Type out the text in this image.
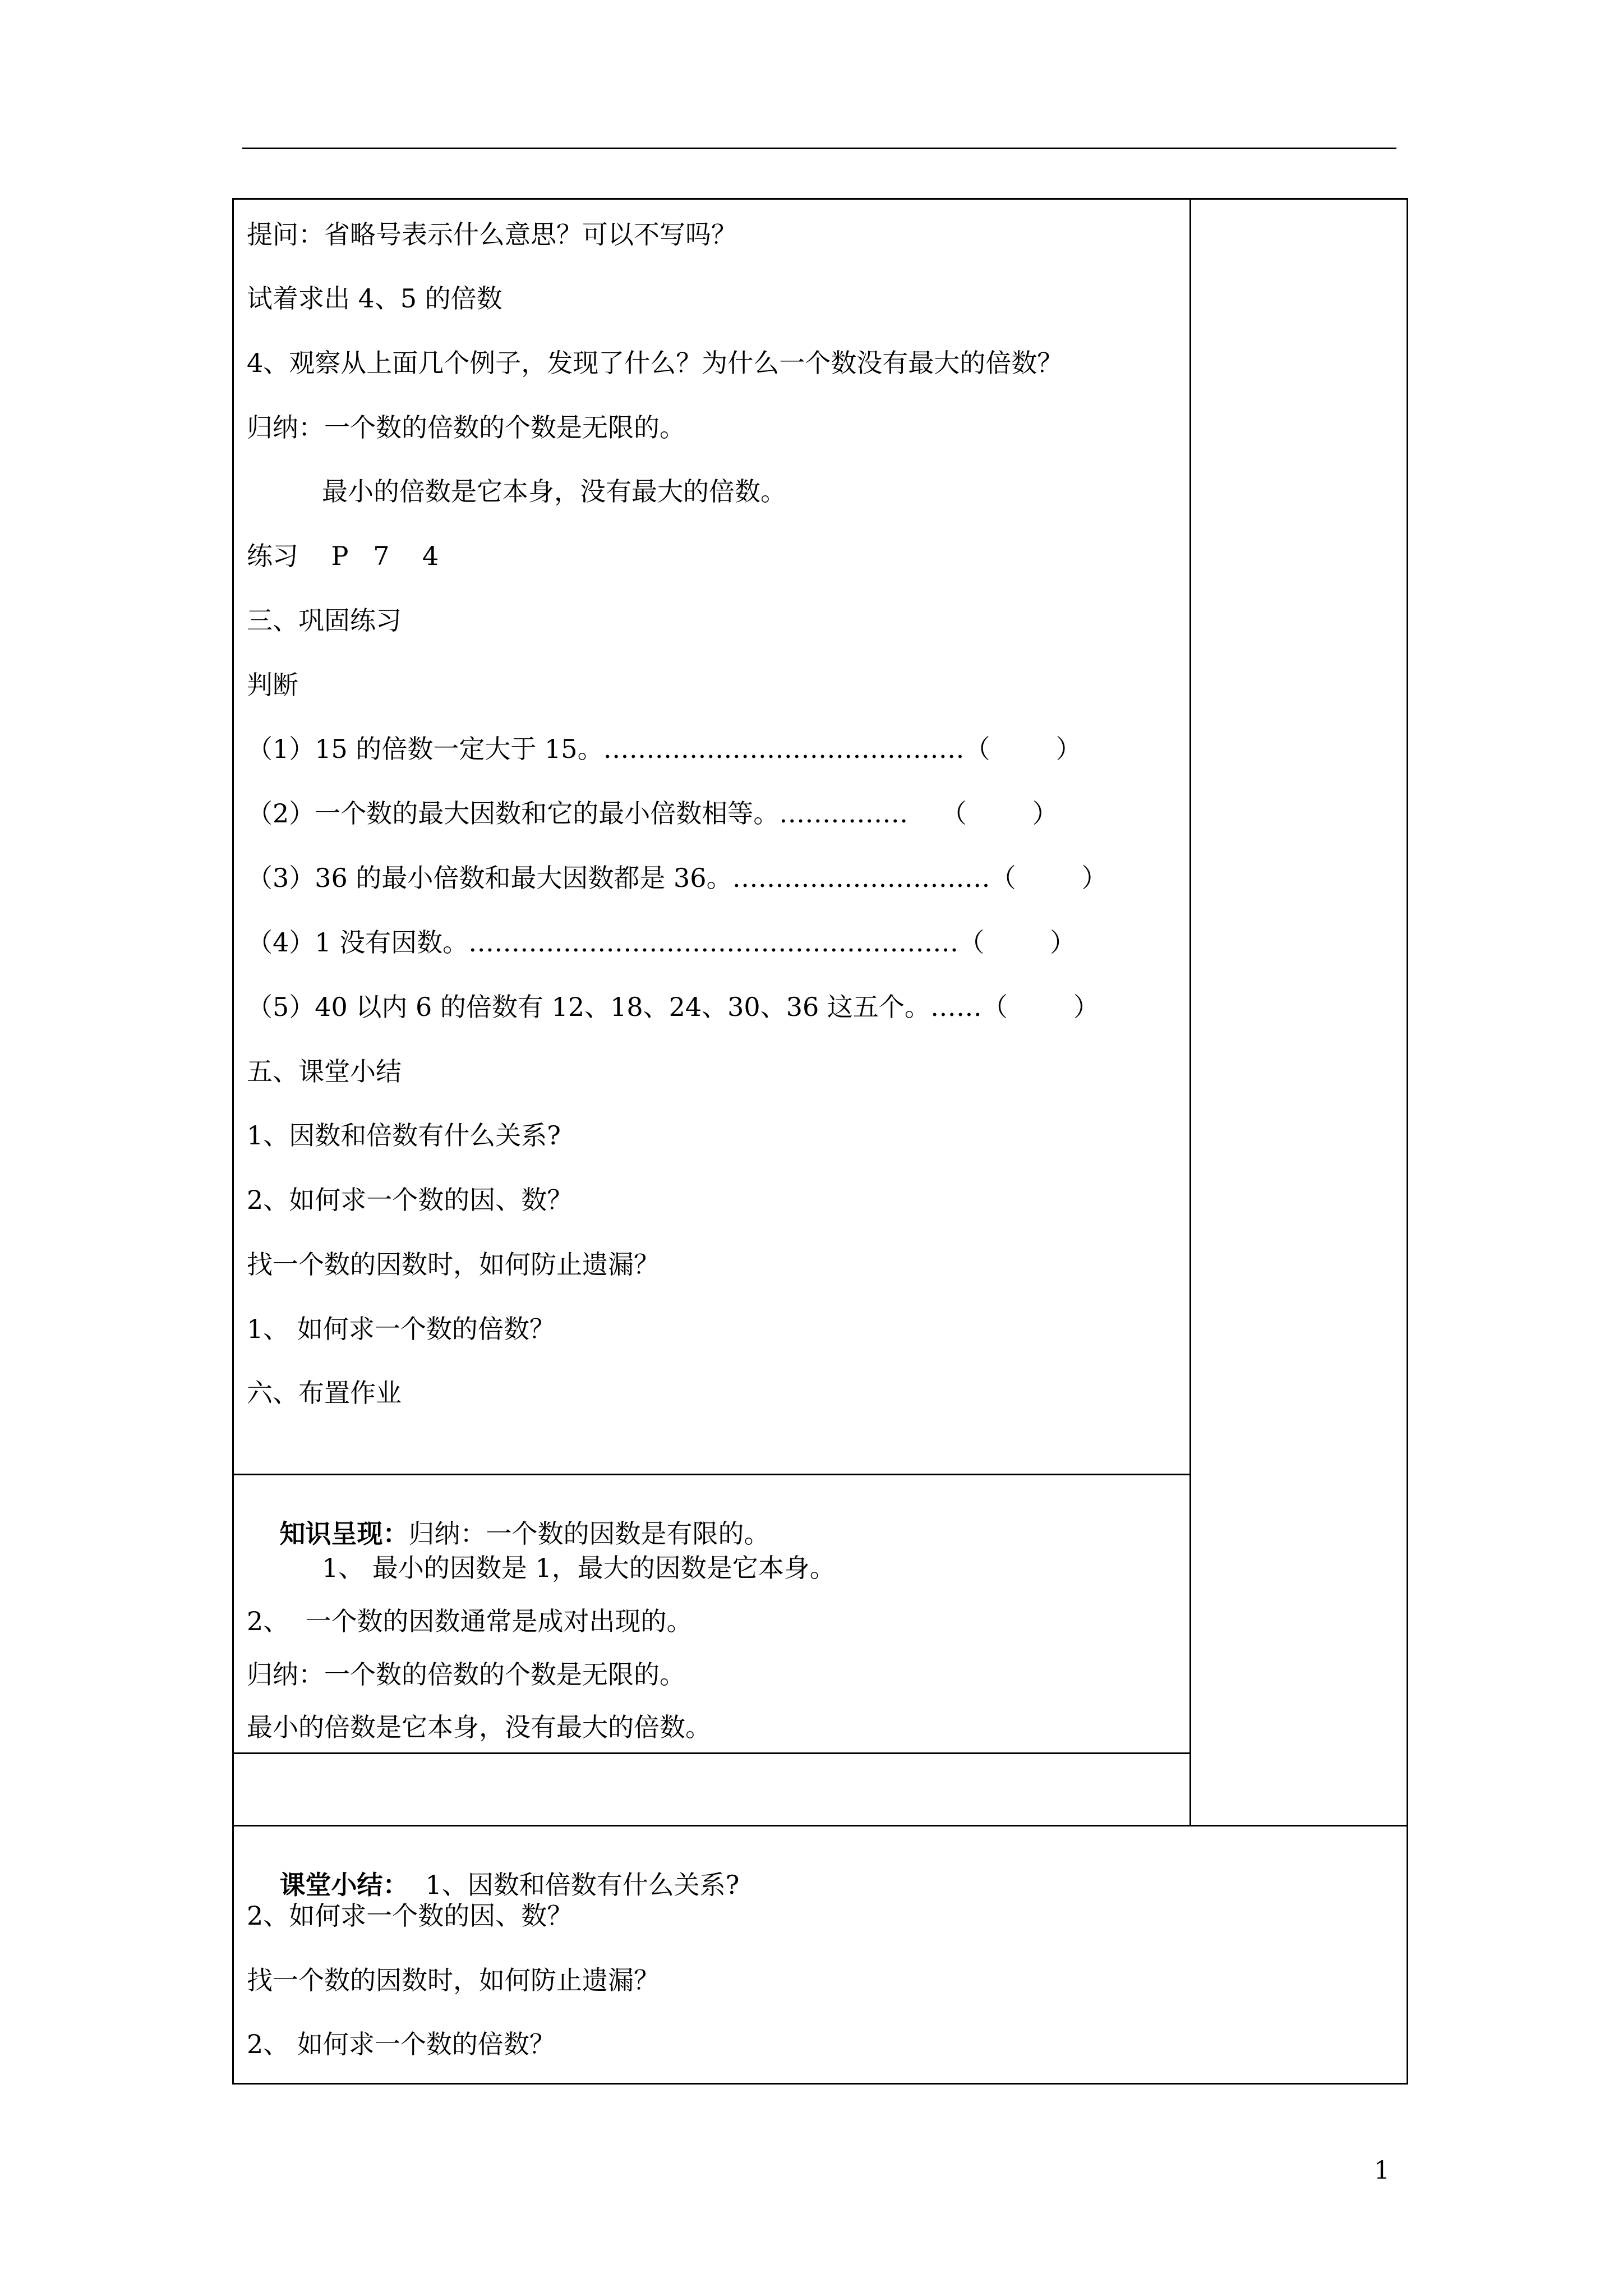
提问：省略号表示什么意思？可以不写吗？
试着求出 4、5 的倍数
4、观察从上面几个例子，发现了什么？为什么一个数没有最大的倍数？
归纳：一个数的倍数的个数是无限的。
最小的倍数是它本身，没有最大的倍数。
练习    P   7    4
三、巩固练习
判断
（1）15 的倍数一定大于 15。……………………………………（        ）
（2）一个数的最大因数和它的最小倍数相等。……………    （        ）
（3）36 的最小倍数和最大因数都是 36。…………………………（        ）
（4）1 没有因数。…………………………………………………（        ）
（5）40 以内 6 的倍数有 12、18、24、30、36 这五个。……（        ）
五、课堂小结
1、因数和倍数有什么关系?
2、如何求一个数的因、数？
找一个数的因数时，如何防止遗漏？
1、 如何求一个数的倍数？
六、布置作业

知识呈现：归纳：一个数的因数是有限的。

1、 最小的因数是 1，最大的因数是它本身。
2、  一个数的因数通常是成对出现的。
归纳：一个数的倍数的个数是无限的。
最小的倍数是它本身，没有最大的倍数。

课堂小结： 1、因数和倍数有什么关系?

2、如何求一个数的因、数？
找一个数的因数时，如何防止遗漏？
2、 如何求一个数的倍数？
1
